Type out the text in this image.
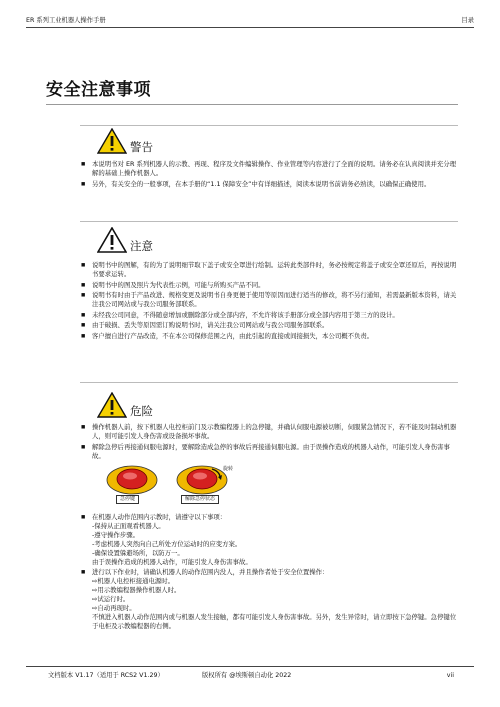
ER 系列工业机器人操作手册	目录
安全注意事项
警告
■ 本说明书对 ER 系列机器人的示教、再现、程序及文件编辑操作、作业管理等内容进行了全面的说明。请务必在认真阅读并充分理解的基础上操作机器人。
■ 另外，有关安全的一般事项，在本手册的“1.1 保障安全”中有详细描述，阅读本说明书前请务必熟读，以确保正确使用。
注意
■ 说明书中的图解，有的为了说明细节取下盖子或安全罩进行绘制。运转此类部件时，务必按规定将盖子或安全罩还原后，再按说明书要求运转。
■ 说明书中的图及照片为代表性示例，可能与所购买产品不同。
■ 说明书有时由于产品改进、规格变更及说明书自身更便于使用等原因而进行适当的修改，将不另行通知，若需最新版本资料，请关注我公司网站或与我公司服务部联系。
■ 未经我公司同意，不得随意增加或删除部分或全部内容，不允许将该手册部分或全部内容用于第三方的设计。
■ 由于破损、丢失等原因需订购说明书时，请关注我公司网站或与我公司服务部联系。
■ 客户擅自进行产品改造，不在本公司保修范围之内，由此引起的直接或间接损失，本公司概不负责。
危险
■ 操作机器人前，按下机器人电控柜前门及示教编程器上的急停键，并确认伺服电源被切断，伺服紧急情况下，若不能及时制动机器人，则可能引发人身伤害或设备损坏事故。
■ 解除急停后再接通伺服电源时，要解除造成急停的事故后再接通伺服电源。由于误操作造成的机器人动作，可能引发人身伤害事故。
急停键
旋转
解除急停状态
■ 在机器人动作范围内示教时，请遵守以下事项：
-保持从正面观看机器人。
-遵守操作步骤。
-考虑机器人突然向自己所处方位运动时的应变方案。
-确保设置躲避场所，以防万一。
由于误操作造成的机器人动作，可能引发人身伤害事故。
■ 进行以下作业时，请确认机器人的动作范围内没人，并且操作者处于安全位置操作：
⇨机器人电控柜接通电源时。
⇨用示教编程器操作机器人时。
⇨试运行时。
⇨自动再现时。
不慎进入机器人动作范围内或与机器人发生接触，都有可能引发人身伤害事故。另外，发生异常时，请立即按下急停键。急停键位于电柜及示教编程器的右侧。
文档版本 V1.17（适用于 RCS2 V1.29）	版权所有 @埃斯顿自动化 2022	vii
